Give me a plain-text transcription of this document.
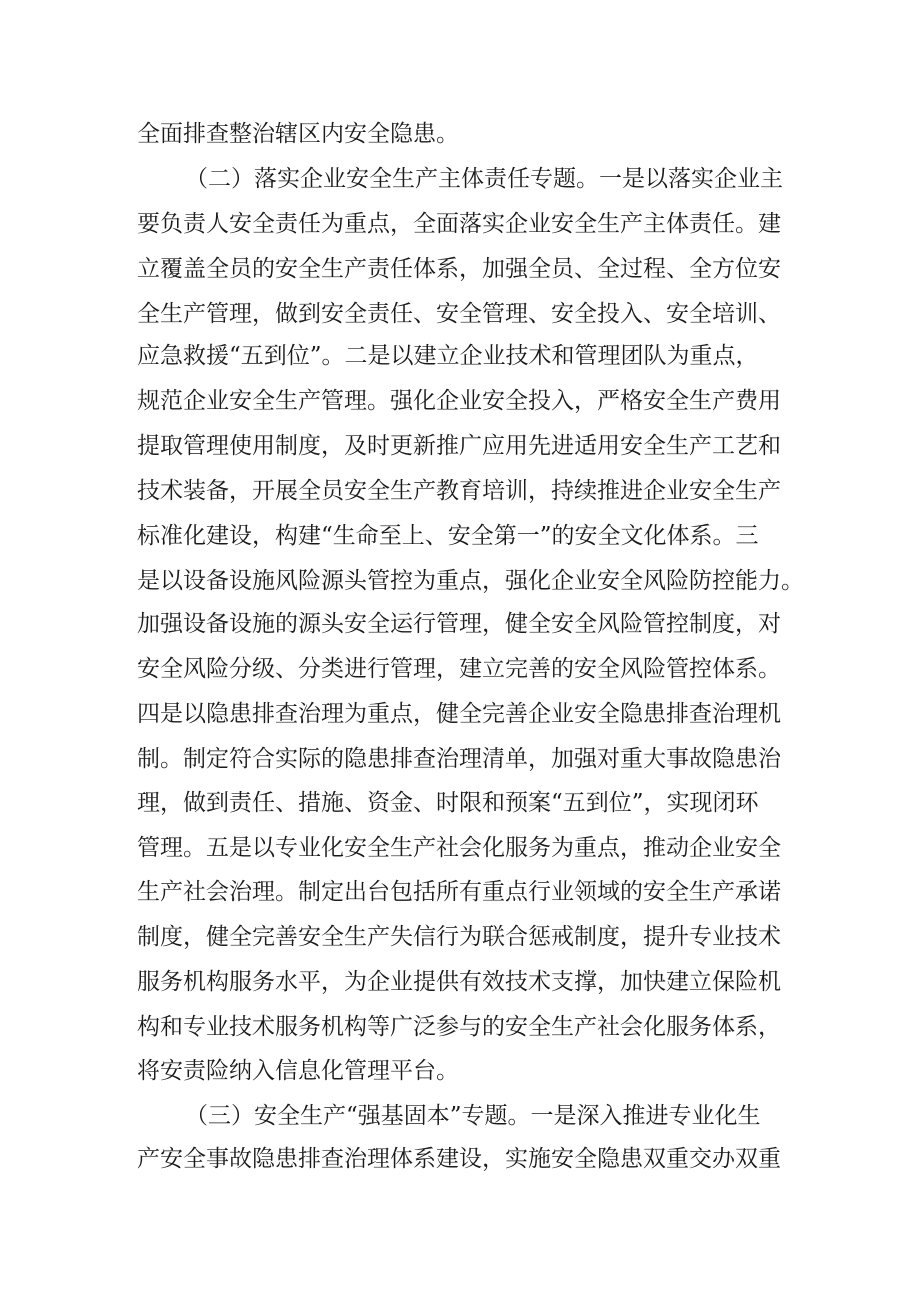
全面排查整治辖区内安全隐患。
（二）落实企业安全生产主体责任专题。一是以落实企业主
要负责人安全责任为重点，全面落实企业安全生产主体责任。建
立覆盖全员的安全生产责任体系，加强全员、全过程、全方位安
全生产管理，做到安全责任、安全管理、安全投入、安全培训、
应急救援“五到位”。二是以建立企业技术和管理团队为重点，
规范企业安全生产管理。强化企业安全投入，严格安全生产费用
提取管理使用制度，及时更新推广应用先进适用安全生产工艺和
技术装备，开展全员安全生产教育培训，持续推进企业安全生产
标准化建设，构建“生命至上、安全第一”的安全文化体系。三
是以设备设施风险源头管控为重点，强化企业安全风险防控能力。
加强设备设施的源头安全运行管理，健全安全风险管控制度，对
安全风险分级、分类进行管理，建立完善的安全风险管控体系。
四是以隐患排查治理为重点，健全完善企业安全隐患排查治理机
制。制定符合实际的隐患排查治理清单，加强对重大事故隐患治
理，做到责任、措施、资金、时限和预案“五到位”，实现闭环
管理。五是以专业化安全生产社会化服务为重点，推动企业安全
生产社会治理。制定出台包括所有重点行业领域的安全生产承诺
制度，健全完善安全生产失信行为联合惩戒制度，提升专业技术
服务机构服务水平，为企业提供有效技术支撑，加快建立保险机
构和专业技术服务机构等广泛参与的安全生产社会化服务体系，
将安责险纳入信息化管理平台。
（三）安全生产“强基固本”专题。一是深入推进专业化生
产安全事故隐患排查治理体系建设，实施安全隐患双重交办双重
